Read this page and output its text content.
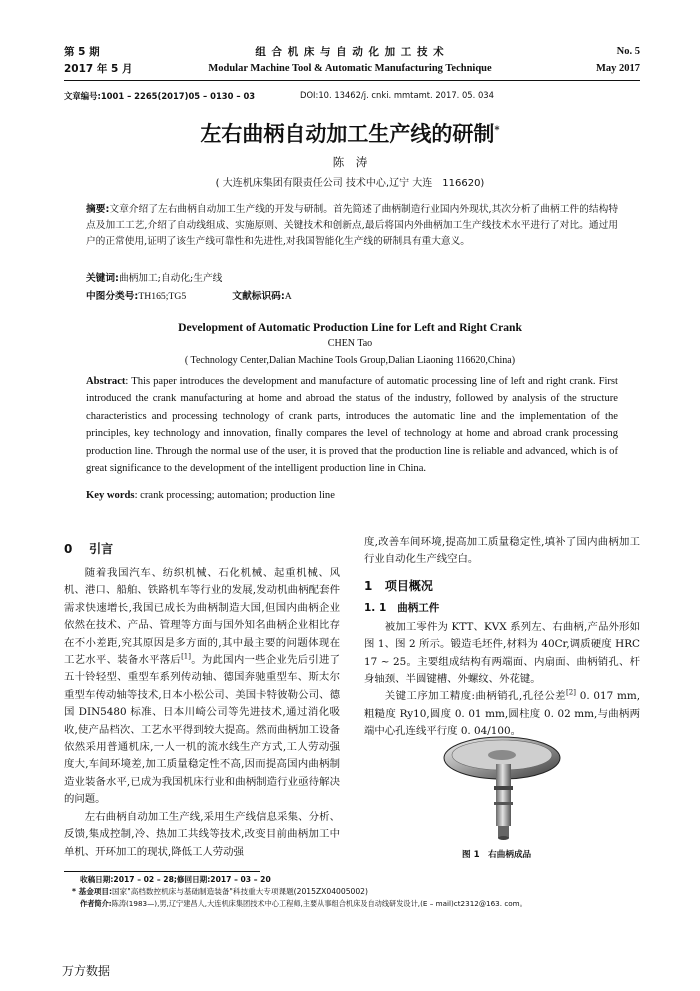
第 5 期
2017 年 5 月
组 合 机 床 与 自 动 化 加 工 技 术
Modular Machine Tool & Automatic Manufacturing Technique
No. 5
May 2017
文章编号:1001 – 2265(2017)05 – 0130 – 03	DOI:10. 13462/j. cnki. mmtamt. 2017. 05. 034
左右曲柄自动加工生产线的研制*
陈　涛
( 大连机床集团有限责任公司 技术中心,辽宁 大连　116620)
摘要:文章介绍了左右曲柄自动加工生产线的开发与研制。首先简述了曲柄制造行业国内外现状,其次分析了曲柄工件的结构特点及加工工艺,介绍了自动线组成、实施原则、关键技术和创新点,最后将国内外曲柄加工生产线技术水平进行了对比。通过用户的正常使用,证明了该生产线可靠性和先进性,对我国智能化生产线的研制具有重大意义。
关键词:曲柄加工;自动化;生产线
中图分类号:TH165;TG5	文献标识码:A
Development of Automatic Production Line for Left and Right Crank
CHEN Tao
( Technology Center,Dalian Machine Tools Group,Dalian Liaoning 116620,China)
Abstract: This paper introduces the development and manufacture of automatic processing line of left and right crank. First introduced the crank manufacturing at home and abroad the status of the industry, followed by analysis of the structure characteristics and processing technology of crank parts, introduces the automatic line and the implementation of the principles, key technology and innovation, finally compares the level of technology at home and abroad crank processing production line. Through the normal use of the user, it is proved that the production line is reliable and advanced, which is of great significance to the development of the intelligent production line in China.
Key words: crank processing; automation; production line
0 引言

随着我国汽车、纺织机械、石化机械、起重机械、风机、港口、船舶、铁路机车等行业的发展,发动机曲柄配套件需求快速增长,我国已成长为曲柄制造大国,但国内曲柄企业依然在技术、产品、管理等方面与国外知名曲柄企业相比存在不小差距,究其原因是多方面的,其中最主要的问题体现在工艺水平、装备水平落后[1]。为此国内一些企业先后引进了五十铃轻型、重型车系列传动轴、德国奔驰重型车、斯太尔重型车传动轴等技术,日本小松公司、美国卡特彼勒公司、德国 DIN5480 标准、日本川崎公司等先进技术,通过消化吸收,使产品档次、工艺水平得到较大提高。然而曲柄加工设备依然采用普通机床,一人一机的流水线生产方式,工人劳动强度大,车间环境差,加工质量稳定性不高,因而提高国内曲柄制造业装备水平,已成为我国机床行业和曲柄制造行业亟待解决的问题。

左右曲柄自动加工生产线,采用生产线信息采集、分析、反馈,集成控制,冷、热加工共线等技术,改变目前曲柄加工中单机、开环加工的现状,降低工人劳动强

度,改善车间环境,提高加工质量稳定性,填补了国内曲柄加工行业自动化生产线空白。

1 项目概况
1. 1 曲柄工件

被加工零件为 KTT、KVX 系列左、右曲柄,产品外形如图 1、图 2 所示。锻造毛坯件,材料为 40Cr,调质硬度 HRC 17 ~ 25。主要组成结构有两端面、内扇面、曲柄销孔、杆身轴颈、半圆键槽、外螺纹、外花键。

关键工序加工精度:曲柄销孔,孔径公差[2] 0. 017 mm,粗糙度 Ry10,圆度 0. 01 mm,圆柱度 0. 02 mm,与曲柄两端中心孔连线平行度 0. 04/100。

图 1　右曲柄成品
收稿日期:2017 – 02 – 28;修回日期:2017 – 03 – 20
* 基金项目:国家"高档数控机床与基础制造装备"科技重大专项课题(2015ZX04005002)
作者简介:陈涛(1983—),男,辽宁建昌人,大连机床集团技术中心工程师,主要从事组合机床及自动线研发设计,(E – mail)ct2312@163. com。
万方数据
